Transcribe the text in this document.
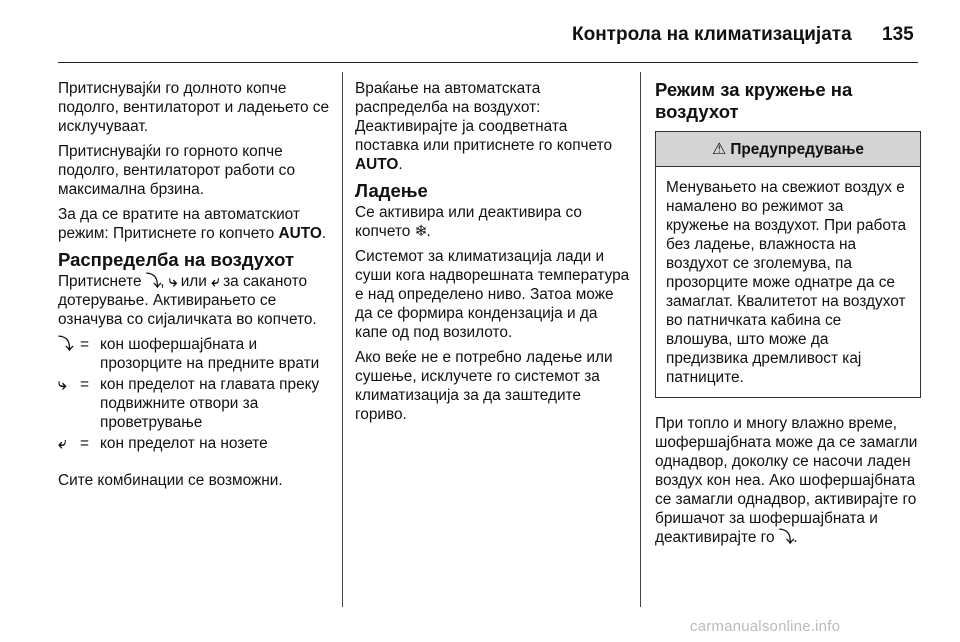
Контрола на климатизацијата 135

Притиснувајќи го долното копче подолго, вентилаторот и ладењето се исклучуваат.

Притиснувајќи го горното копче подолго, вентилаторот работи со максимална брзина.

За да се вратите на автоматскиот режим: Притиснете го копчето AUTO.

Распределба на воздухот

Притиснете ⤵, ⤷ или ⤶ за саканото дотерување. Активирањето се означува со сијаличката во копчето.

⤵ = кон шофершајбната и прозорците на предните врати
⤷ = кон пределот на главата преку подвижните отвори за проветрување
⤶ = кон пределот на нозете

Сите комбинации се возможни.

Враќање на автоматската распределба на воздухот: Деактивирајте ја соодветната поставка или притиснете го копчето AUTO.

Ладење

Се активира или деактивира со копчето ❄.

Системот за климатизација лади и суши кога надворешната температура е над определено ниво. Затоа може да се формира кондензација и да капе од под возилото.

Ако веќе не е потребно ладење или сушење, исклучете го системот за климатизација за да заштедите гориво.

Режим за кружење на воздухот
⚠ Предупредување
Менувањето на свежиот воздух е намалено во режимот за кружење на воздухот. При работа без ладење, влажноста на воздухот се зголемува, па прозорците може однатре да се замаглат. Квалитетот на воздухот во патничката кабина се влошува, што може да предизвика дремливост кај патниците.

При топло и многу влажно време, шофершајбната може да се замагли однадвор, доколку се насочи ладен воздух кон неа. Ако шофершајбната се замагли однадвор, активирајте го бришачот за шофершајбната и деактивирајте го ⤵.

carmanualsonline.info
